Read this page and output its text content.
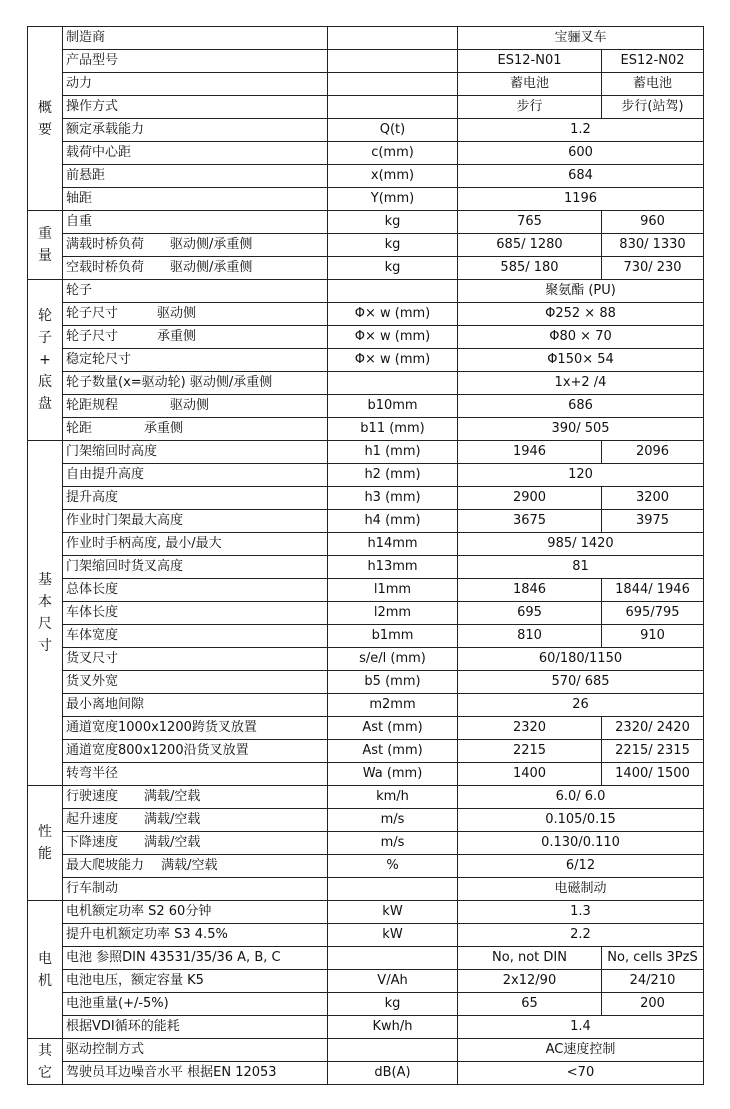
概
要	制造商		宝骊叉车	
	产品型号		ES12-N01	ES12-N02
	动力		蓄电池	蓄电池
	操作方式		步行	步行(站驾)
	额定承载能力	Q(t)	1.2	
	载荷中心距	c(mm)	600	
	前悬距	x(mm)	684	
	轴距	Y(mm)	1196	

重
量	自重	kg	765	960
	满载时桥负荷　　驱动侧/承重侧	kg	685/ 1280	830/ 1330
	空载时桥负荷　　驱动侧/承重侧	kg	585/ 180	730/ 230

轮
子
+
底
盘	轮子		聚氨酯 (PU)	
	轮子尺寸　　　驱动侧	Φ× w (mm)	Φ252 × 88	
	轮子尺寸　　　承重侧	Φ× w (mm)	Φ80 × 70	
	稳定轮尺寸	Φ× w (mm)	Φ150× 54	
	轮子数量(x=驱动轮) 驱动侧/承重侧		1x+2 /4	
	轮距规程　　　　驱动侧	b10mm	686	
	轮距　　　　承重侧	b11 (mm)	390/ 505	

基
本
尺
寸	门架缩回时高度	h1 (mm)	1946	2096
	自由提升高度	h2 (mm)	120	
	提升高度	h3 (mm)	2900	3200
	作业时门架最大高度	h4 (mm)	3675	3975
	作业时手柄高度, 最小/最大	h14mm	985/ 1420	
	门架缩回时货叉高度	h13mm	81	
	总体长度	l1mm	1846	1844/ 1946
	车体长度	l2mm	695	695/795
	车体宽度	b1mm	810	910
	货叉尺寸	s/e/l (mm)	60/180/1150	
	货叉外宽	b5 (mm)	570/ 685	
	最小离地间隙	m2mm	26	
	通道宽度1000x1200跨货叉放置	Ast (mm)	2320	2320/ 2420
	通道宽度800x1200沿货叉放置	Ast (mm)	2215	2215/ 2315
	转弯半径	Wa (mm)	1400	1400/ 1500

性
能	行驶速度　　满载/空载	km/h	6.0/ 6.0	
	起升速度　　满载/空载	m/s	0.105/0.15	
	下降速度　　满载/空载	m/s	0.130/0.110	
	最大爬坡能力　 满载/空载	%	6/12	
	行车制动		电磁制动	

电
机	电机额定功率 S2 60分钟	kW	1.3	
	提升电机额定功率 S3 4.5%	kW	2.2	
	电池 参照DIN 43531/35/36 A, B, C		No, not DIN	No, cells 3PzS
	电池电压，额定容量 K5	V/Ah	2x12/90	24/210
	电池重量(+/-5%)	kg	65	200
	根据VDI循环的能耗	Kwh/h	1.4	

其
它	驱动控制方式		AC速度控制	
	驾驶员耳边噪音水平 根据EN 12053	dB(A)	<70	
